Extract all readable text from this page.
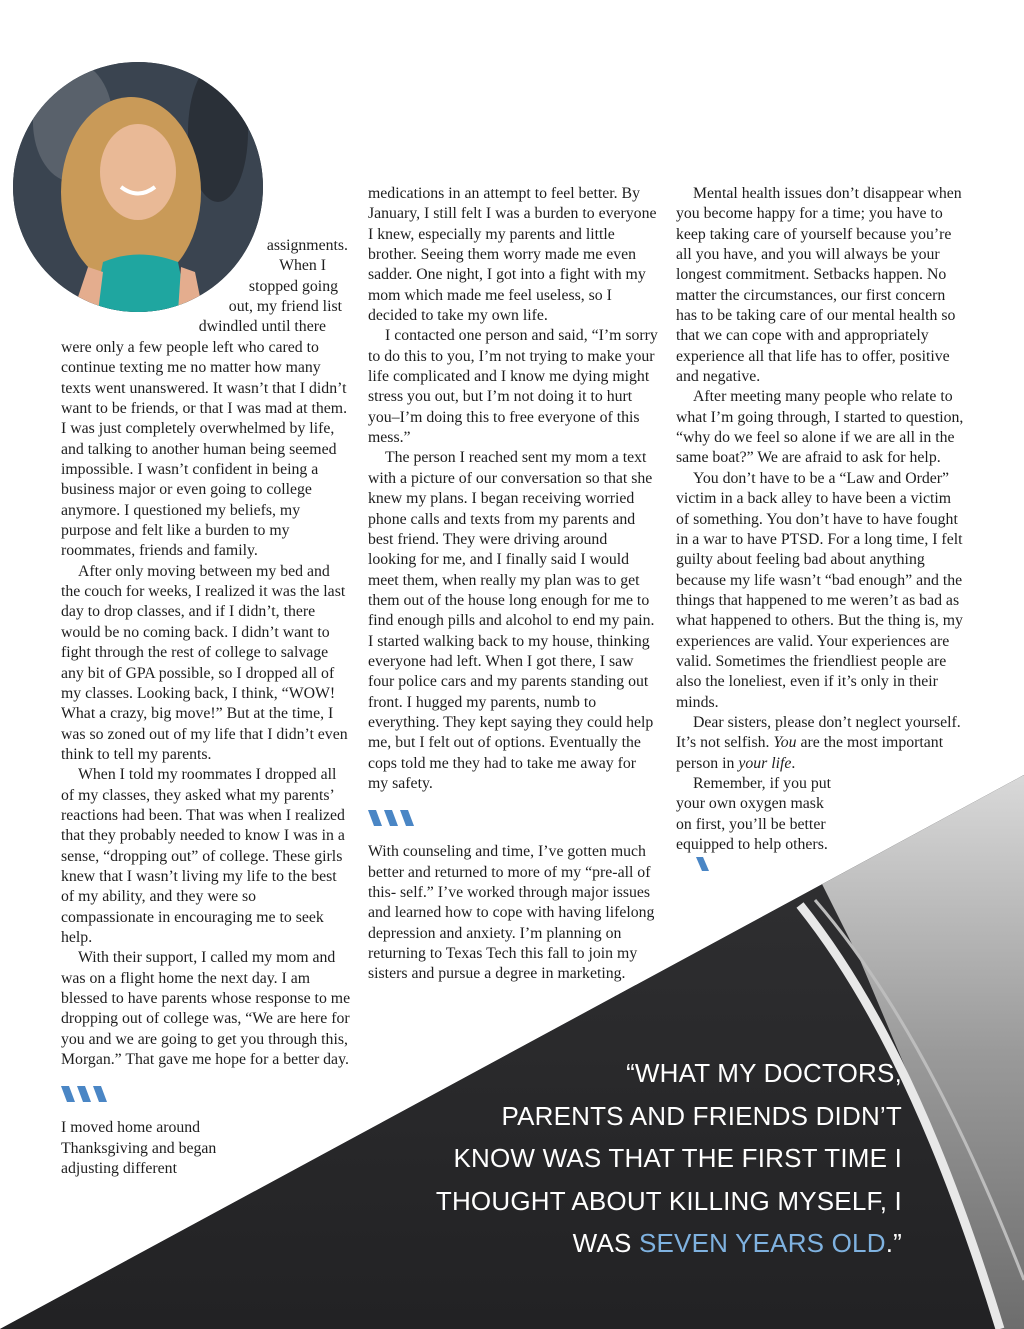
assignments.
When I
stopped going
out, my friend list
dwindled until there

were only a few people left who cared to continue texting me no matter how many texts went unanswered. It wasn’t that I didn’t want to be friends, or that I was mad at them. I was just completely overwhelmed by life, and talking to another human being seemed impossible. I wasn’t confident in being a business major or even going to college anymore. I questioned my beliefs, my purpose and felt like a burden to my roommates, friends and family.

After only moving between my bed and the couch for weeks, I realized it was the last day to drop classes, and if I didn’t, there would be no coming back. I didn’t want to fight through the rest of college to salvage any bit of GPA possible, so I dropped all of my classes. Looking back, I think, “WOW! What a crazy, big move!” But at the time, I was so zoned out of my life that I didn’t even think to tell my parents.

When I told my roommates I dropped all of my classes, they asked what my parents’ reactions had been. That was when I realized that they probably needed to know I was in a sense, “dropping out” of college. These girls knew that I wasn’t living my life to the best of my ability, and they were so compassionate in encouraging me to seek help.

With their support, I called my mom and was on a flight home the next day. I am blessed to have parents whose response to me dropping out of college was, “We are here for you and we are going to get you through this, Morgan.” That gave me hope for a better day.

I moved home around Thanksgiving and began adjusting different

medications in an attempt to feel better. By January, I still felt I was a burden to everyone I knew, especially my parents and little brother. Seeing them worry made me even sadder. One night, I got into a fight with my mom which made me feel useless, so I decided to take my own life.

I contacted one person and said, “I’m sorry to do this to you, I’m not trying to make your life complicated and I know me dying might stress you out, but I’m not doing it to hurt you–I’m doing this to free everyone of this mess.”

The person I reached sent my mom a text with a picture of our conversation so that she knew my plans. I began receiving worried phone calls and texts from my parents and best friend. They were driving around looking for me, and I finally said I would meet them, when really my plan was to get them out of the house long enough for me to find enough pills and alcohol to end my pain. I started walking back to my house, thinking everyone had left. When I got there, I saw four police cars and my parents standing out front. I hugged my parents, numb to everything. They kept saying they could help me, but I felt out of options. Eventually the cops told me they had to take me away for my safety.

With counseling and time, I’ve gotten much better and returned to more of my “pre-all of this- self.” I’ve worked through major issues and learned how to cope with having lifelong depression and anxiety. I’m planning on returning to Texas Tech this fall to join my sisters and pursue a degree in marketing.

Mental health issues don’t disappear when you become happy for a time; you have to keep taking care of yourself because you’re all you have, and you will always be your longest commitment. Setbacks happen. No matter the circumstances, our first concern has to be taking care of our mental health so that we can cope with and appropriately experience all that life has to offer, positive and negative.

After meeting many people who relate to what I’m going through, I started to question, “why do we feel so alone if we are all in the same boat?” We are afraid to ask for help.

You don’t have to be a “Law and Order” victim in a back alley to have been a victim of something. You don’t have to have fought in a war to have PTSD. For a long time, I felt guilty about feeling bad about anything because my life wasn’t “bad enough” and the things that happened to me weren’t as bad as what happened to others. But the thing is, my experiences are valid. Your experiences are valid. Sometimes the friendliest people are also the loneliest, even if it’s only in their minds.

Dear sisters, please don’t neglect yourself. It’s not selfish. You are the most important person in your life.

Remember, if you put your own oxygen mask on first, you’ll be better equipped to help others.

“WHAT MY DOCTORS,
PARENTS AND FRIENDS DIDN’T
KNOW WAS THAT THE FIRST TIME I
THOUGHT ABOUT KILLING MYSELF, I
WAS SEVEN YEARS OLD.”
